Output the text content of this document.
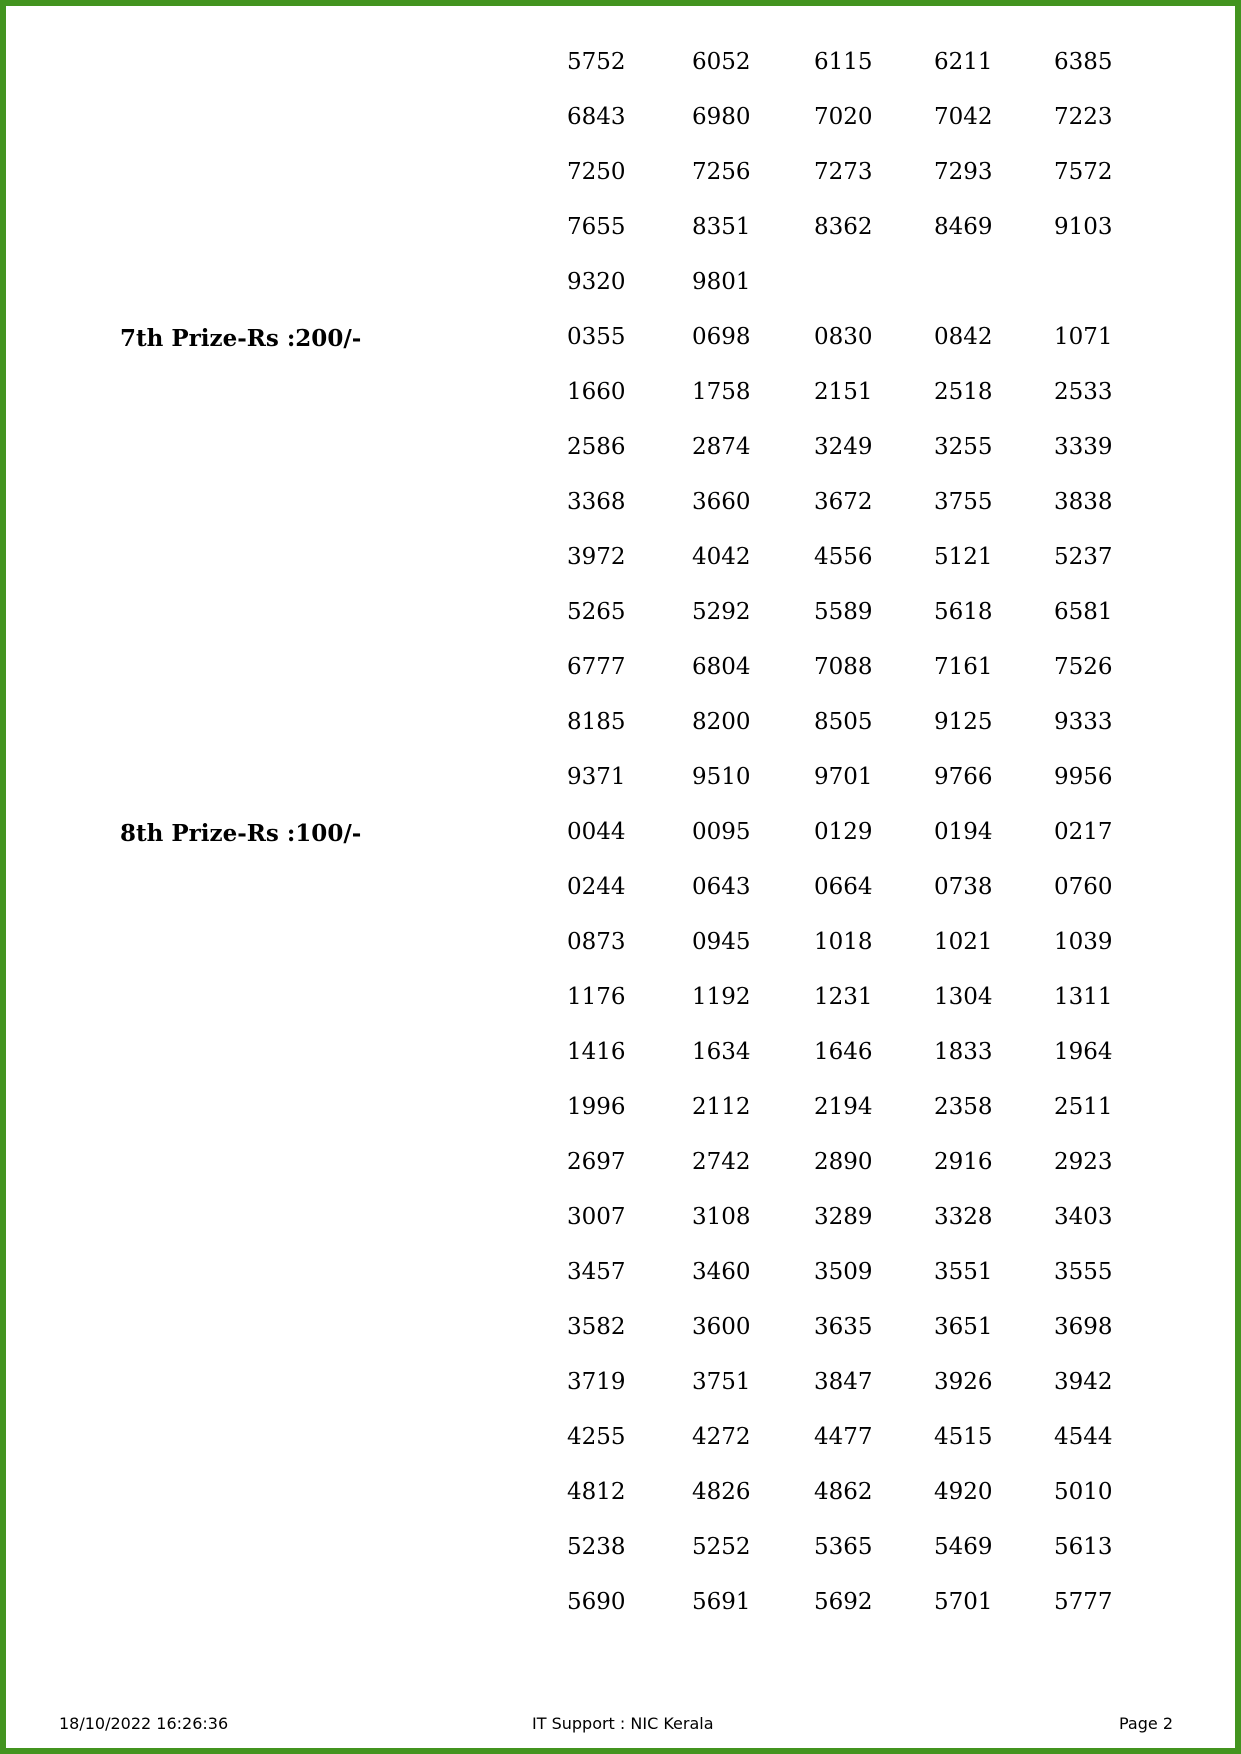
5752	6052	6115	6211	6385
6843	6980	7020	7042	7223
7250	7256	7273	7293	7572
7655	8351	8362	8469	9103
9320	9801
7th Prize-Rs :200/-	0355	0698	0830	0842	1071
1660	1758	2151	2518	2533
2586	2874	3249	3255	3339
3368	3660	3672	3755	3838
3972	4042	4556	5121	5237
5265	5292	5589	5618	6581
6777	6804	7088	7161	7526
8185	8200	8505	9125	9333
9371	9510	9701	9766	9956
8th Prize-Rs :100/-	0044	0095	0129	0194	0217
0244	0643	0664	0738	0760
0873	0945	1018	1021	1039
1176	1192	1231	1304	1311
1416	1634	1646	1833	1964
1996	2112	2194	2358	2511
2697	2742	2890	2916	2923
3007	3108	3289	3328	3403
3457	3460	3509	3551	3555
3582	3600	3635	3651	3698
3719	3751	3847	3926	3942
4255	4272	4477	4515	4544
4812	4826	4862	4920	5010
5238	5252	5365	5469	5613
5690	5691	5692	5701	5777
18/10/2022 16:26:36	IT Support : NIC Kerala	Page 2
